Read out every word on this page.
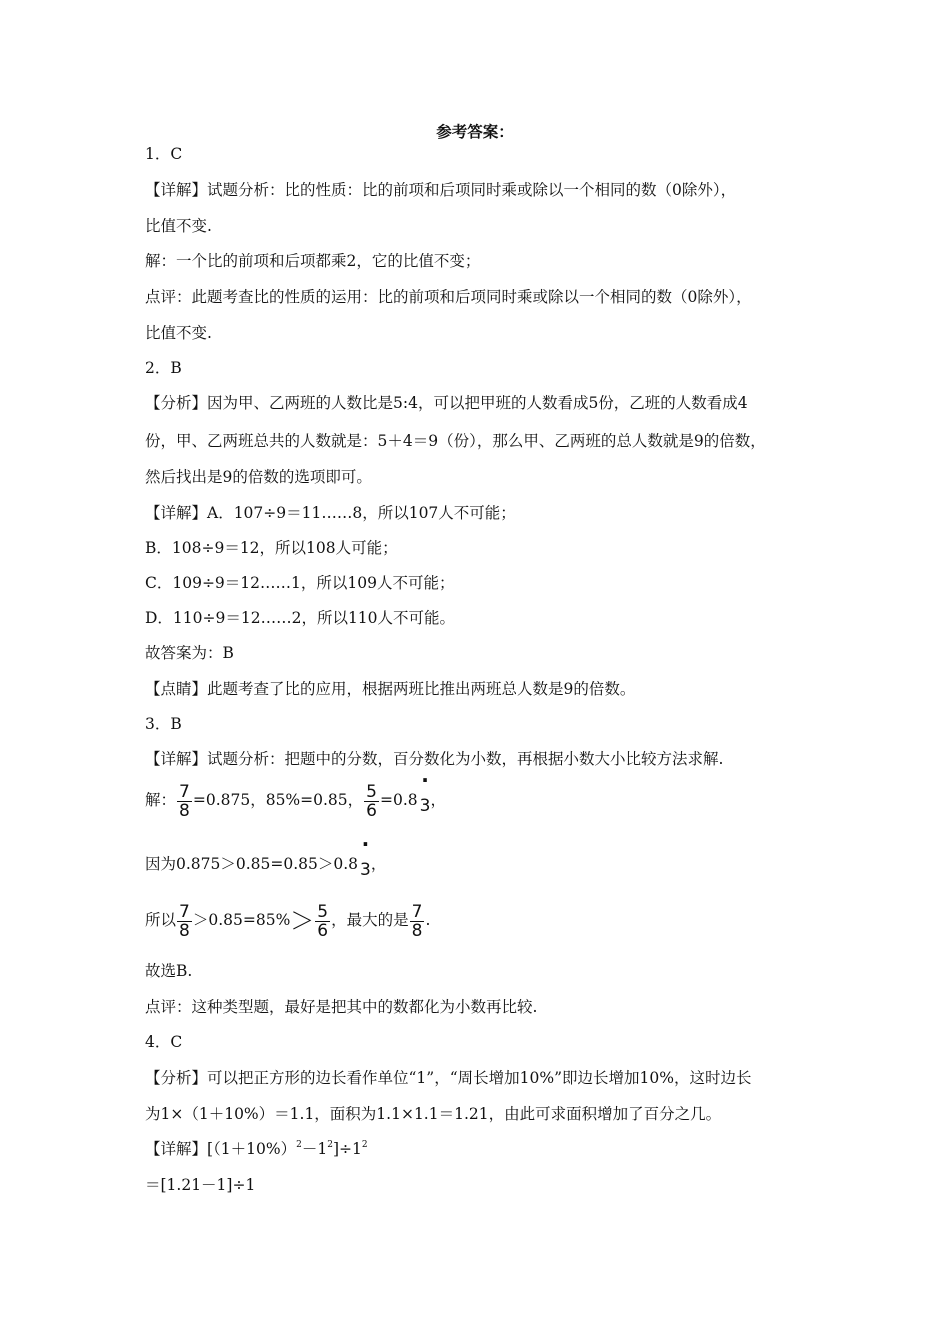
参考答案：
1．C
【详解】试题分析：比的性质：比的前项和后项同时乘或除以一个相同的数（0除外），
比值不变.
解：一个比的前项和后项都乘2，它的比值不变；
点评：此题考查比的性质的运用：比的前项和后项同时乘或除以一个相同的数（0除外），
比值不变.
2．B
【分析】因为甲、乙两班的人数比是5:4，可以把甲班的人数看成5份，乙班的人数看成4
份，甲、乙两班总共的人数就是：5＋4＝9（份），那么甲、乙两班的总人数就是9的倍数，
然后找出是9的倍数的选项即可。
【详解】A．107÷9＝11……8，所以107人不可能；
B．108÷9＝12，所以108人可能；
C．109÷9＝12……1，所以109人不可能；
D．110÷9＝12……2，所以110人不可能。
故答案为：B
【点睛】此题考查了比的应用，根据两班比推出两班总人数是9的倍数。
3．B
【详解】试题分析：把题中的分数，百分数化为小数，再根据小数大小比较方法求解.
解： $\frac{7}{8} =0.875$，85%=0.85， $\frac{5}{6} =0.8$
·
3，
因为0.875＞0.85=0.85＞0.8
·
3，
所以 $\frac{7}{8} >0.85=85\%> \frac{5}{6}$ ，最大的是 $\frac{7}{8}$ .
故选B.
点评：这种类型题，最好是把其中的数都化为小数再比较.
4．C
【分析】可以把正方形的边长看作单位“1”，“周长增加10%”即边长增加10%，这时边长
为1×（1＋10%）＝1.1，面积为1.1×1.1＝1.21，由此可求面积增加了百分之几。
【详解】$[(1+10\%)^2-1^2]\div 1^2$
＝[1.21－1]÷1
